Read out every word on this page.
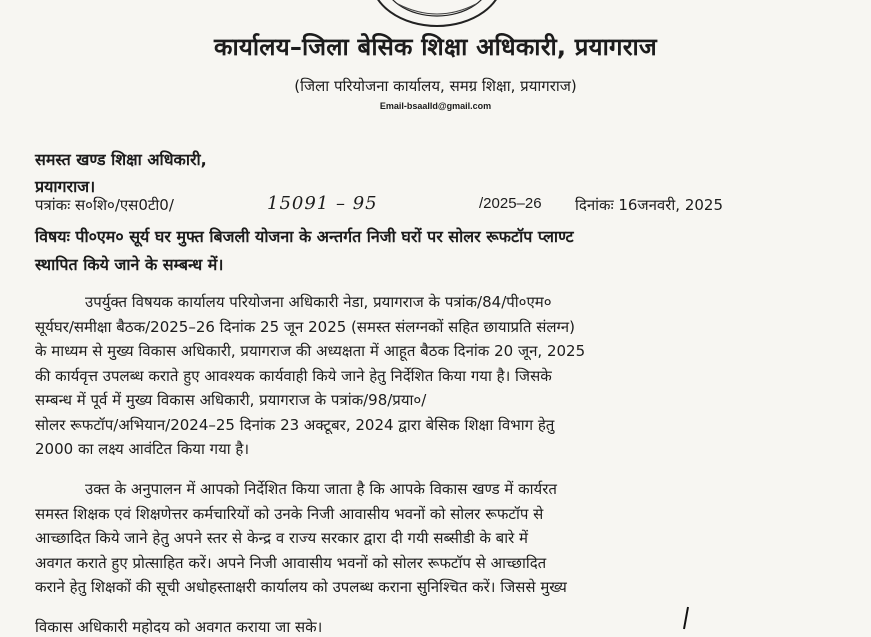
कार्यालय–जिला बेसिक शिक्षा अधिकारी, प्रयागराज
(जिला परियोजना कार्यालय, समग्र शिक्षा, प्रयागराज)
Email-bsaalld@gmail.com
समस्त खण्ड शिक्षा अधिकारी,
प्रयागराज।
पत्रांकः स०शि०/एस0टी0/	15091 – 95	/2025–26 दिनांकः 16जनवरी, 2025
विषयः पी०एम० सूर्य घर मुफ्त बिजली योजना के अन्तर्गत निजी घरों पर सोलर रूफटॉप प्लाण्ट
स्थापित किये जाने के सम्बन्ध में।
उपर्युक्त विषयक कार्यालय परियोजना अधिकारी नेडा, प्रयागराज के पत्रांक/84/पी०एम०
सूर्यघर/समीक्षा बैठक/2025–26 दिनांक 25 जून 2025 (समस्त संलग्नकों सहित छायाप्रति संलग्न)
के माध्यम से मुख्य विकास अधिकारी, प्रयागराज की अध्यक्षता में आहूत बैठक दिनांक 20 जून, 2025
की कार्यवृत्त उपलब्ध कराते हुए आवश्यक कार्यवाही किये जाने हेतु निर्देशित किया गया है। जिसके
सम्बन्ध में पूर्व में मुख्य विकास अधिकारी, प्रयागराज के पत्रांक/98/प्रया०/
सोलर रूफटॉप/अभियान/2024–25 दिनांक 23 अक्टूबर, 2024 द्वारा बेसिक शिक्षा विभाग हेतु
2000 का लक्ष्य आवंटित किया गया है।
उक्त के अनुपालन में आपको निर्देशित किया जाता है कि आपके विकास खण्ड में कार्यरत
समस्त शिक्षक एवं शिक्षणेत्तर कर्मचारियों को उनके निजी आवासीय भवनों को सोलर रूफटॉप से
आच्छादित किये जाने हेतु अपने स्तर से केन्द्र व राज्य सरकार द्वारा दी गयी सब्सीडी के बारे में
अवगत कराते हुए प्रोत्साहित करें। अपने निजी आवासीय भवनों को सोलर रूफटॉप से आच्छादित
कराने हेतु शिक्षकों की सूची अधोहस्ताक्षरी कार्यालय को उपलब्ध कराना सुनिश्चित करें। जिससे मुख्य
विकास अधिकारी महोदय को अवगत कराया जा सके।
